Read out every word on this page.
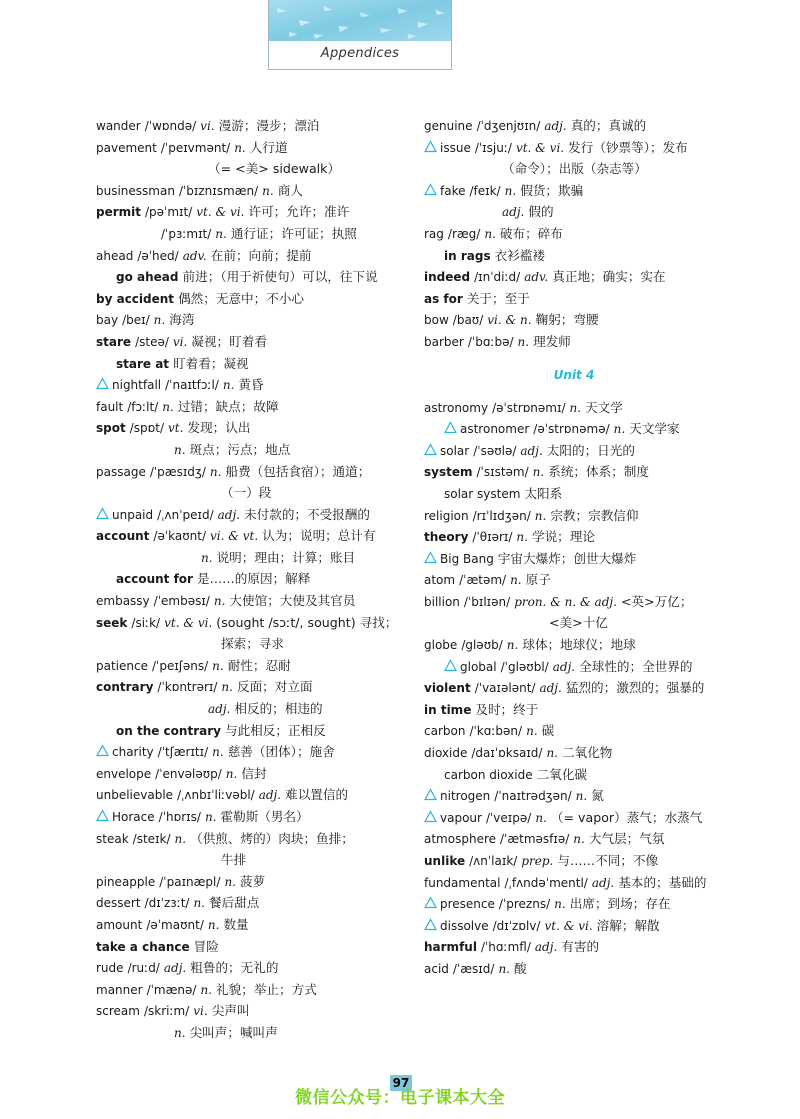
Appendices
wander /ˈwɒndə/ vi. 漫游；漫步；漂泊
pavement /ˈpeɪvmənt/ n. 人行道
（= <美> sidewalk）
businessman /ˈbɪznɪsmæn/ n. 商人
permit /pəˈmɪt/ vt. & vi. 许可；允许；准许
/ˈpɜːmɪt/ n. 通行证；许可证；执照
ahead /əˈhed/ adv. 在前；向前；提前
go ahead 前进；（用于祈使句）可以，往下说
by accident 偶然；无意中；不小心
bay /beɪ/ n. 海湾
stare /steə/ vi. 凝视；盯着看
stare at 盯着看；凝视
nightfall /ˈnaɪtfɔːl/ n. 黄昏
fault /fɔːlt/ n. 过错；缺点；故障
spot /spɒt/ vt. 发现；认出
n. 斑点；污点；地点
passage /ˈpæsɪdʒ/ n. 船费（包括食宿）；通道；
（一）段
unpaid /ˌʌnˈpeɪd/ adj. 未付款的；不受报酬的
account /əˈkaʊnt/ vi. & vt. 认为；说明；总计有
n. 说明；理由；计算；账目
account for 是……的原因；解释
embassy /ˈembəsɪ/ n. 大使馆；大使及其官员
seek /siːk/ vt. & vi. (sought /sɔːt/, sought) 寻找；
探索；寻求
patience /ˈpeɪʃəns/ n. 耐性；忍耐
contrary /ˈkɒntrərɪ/ n. 反面；对立面
adj. 相反的；相违的
on the contrary 与此相反；正相反
charity /ˈtʃærɪtɪ/ n. 慈善（团体）；施舍
envelope /ˈenvələʊp/ n. 信封
unbelievable /ˌʌnbɪˈliːvəbl/ adj. 难以置信的
Horace /ˈhɒrɪs/ n. 霍勒斯（男名）
steak /steɪk/ n. （供煎、烤的）肉块；鱼排；
牛排
pineapple /ˈpaɪnæpl/ n. 菠萝
dessert /dɪˈzɜːt/ n. 餐后甜点
amount /əˈmaʊnt/ n. 数量
take a chance 冒险
rude /ruːd/ adj. 粗鲁的；无礼的
manner /ˈmænə/ n. 礼貌；举止；方式
scream /skriːm/ vi. 尖声叫
n. 尖叫声；喊叫声
genuine /ˈdʒenjʊɪn/ adj. 真的；真诚的
issue /ˈɪsjuː/ vt. & vi. 发行（钞票等）；发布
（命令）；出版（杂志等）
fake /feɪk/ n. 假货；欺骗
adj. 假的
rag /ræg/ n. 破布；碎布
in rags 衣衫褴褛
indeed /ɪnˈdiːd/ adv. 真正地；确实；实在
as for 关于；至于
bow /baʊ/ vi. & n. 鞠躬；弯腰
barber /ˈbɑːbə/ n. 理发师
Unit 4
astronomy /əˈstrɒnəmɪ/ n. 天文学
astronomer /əˈstrɒnəmə/ n. 天文学家
solar /ˈsəʊlə/ adj. 太阳的；日光的
system /ˈsɪstəm/ n. 系统；体系；制度
solar system 太阳系
religion /rɪˈlɪdʒən/ n. 宗教；宗教信仰
theory /ˈθɪərɪ/ n. 学说；理论
Big Bang 宇宙大爆炸；创世大爆炸
atom /ˈætəm/ n. 原子
billion /ˈbɪlɪən/ pron. & n. & adj. <英>万亿；
<美>十亿
globe /gləʊb/ n. 球体；地球仪；地球
global /ˈgləʊbl/ adj. 全球性的；全世界的
violent /ˈvaɪələnt/ adj. 猛烈的；激烈的；强暴的
in time 及时；终于
carbon /ˈkɑːbən/ n. 碳
dioxide /daɪˈɒksaɪd/ n. 二氧化物
carbon dioxide 二氧化碳
nitrogen /ˈnaɪtrədʒən/ n. 氮
vapour /ˈveɪpə/ n. （= vapor）蒸气；水蒸气
atmosphere /ˈætməsfɪə/ n. 大气层；气氛
unlike /ʌnˈlaɪk/ prep. 与……不同；不像
fundamental /ˌfʌndəˈmentl/ adj. 基本的；基础的
presence /ˈprezns/ n. 出席；到场；存在
dissolve /dɪˈzɒlv/ vt. & vi. 溶解；解散
harmful /ˈhɑːmfl/ adj. 有害的
acid /ˈæsɪd/ n. 酸
97
微信公众号：电子课本大全
